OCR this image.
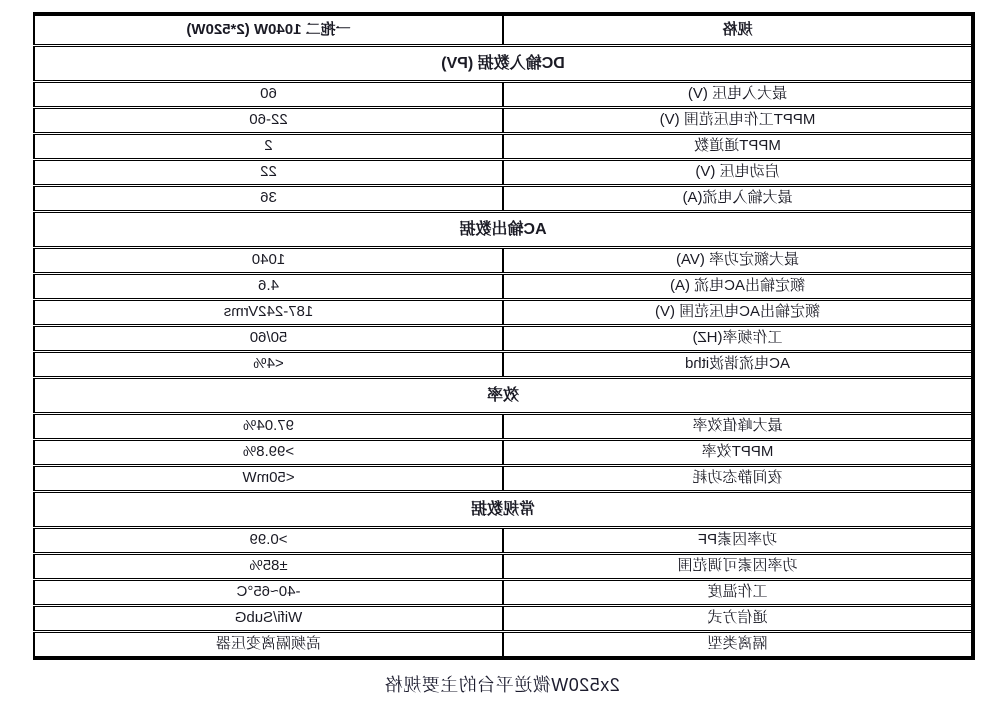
规格	一拖二 1040W (2*520W)
DC输入数据 (PV)	
最大入电压 (V)	60
MPPT工作电压范围 (V)	22-60
MPPT通道数	2
启动电压 (V)	22
最大输入电流(A)	36
AC输出数据	
最大额定功率 (VA)	1040
额定输出AC电流 (A)	4.6
额定输出AC电压范围 (V)	187-242Vrms
工作频率(HZ)	50/60
AC电流谐波ithd	<4%
效率	
最大峰值效率	97.04%
MPPT效率	>99.8%
夜间静态功耗	<50mW
常规数据	
功率因素PF	>0.99
功率因素可调范围	±85%
工作温度	-40~65°C
通信方式	Wifi/SubG
隔离类型	高频隔离变压器
2x520W微逆平台的主要规格
